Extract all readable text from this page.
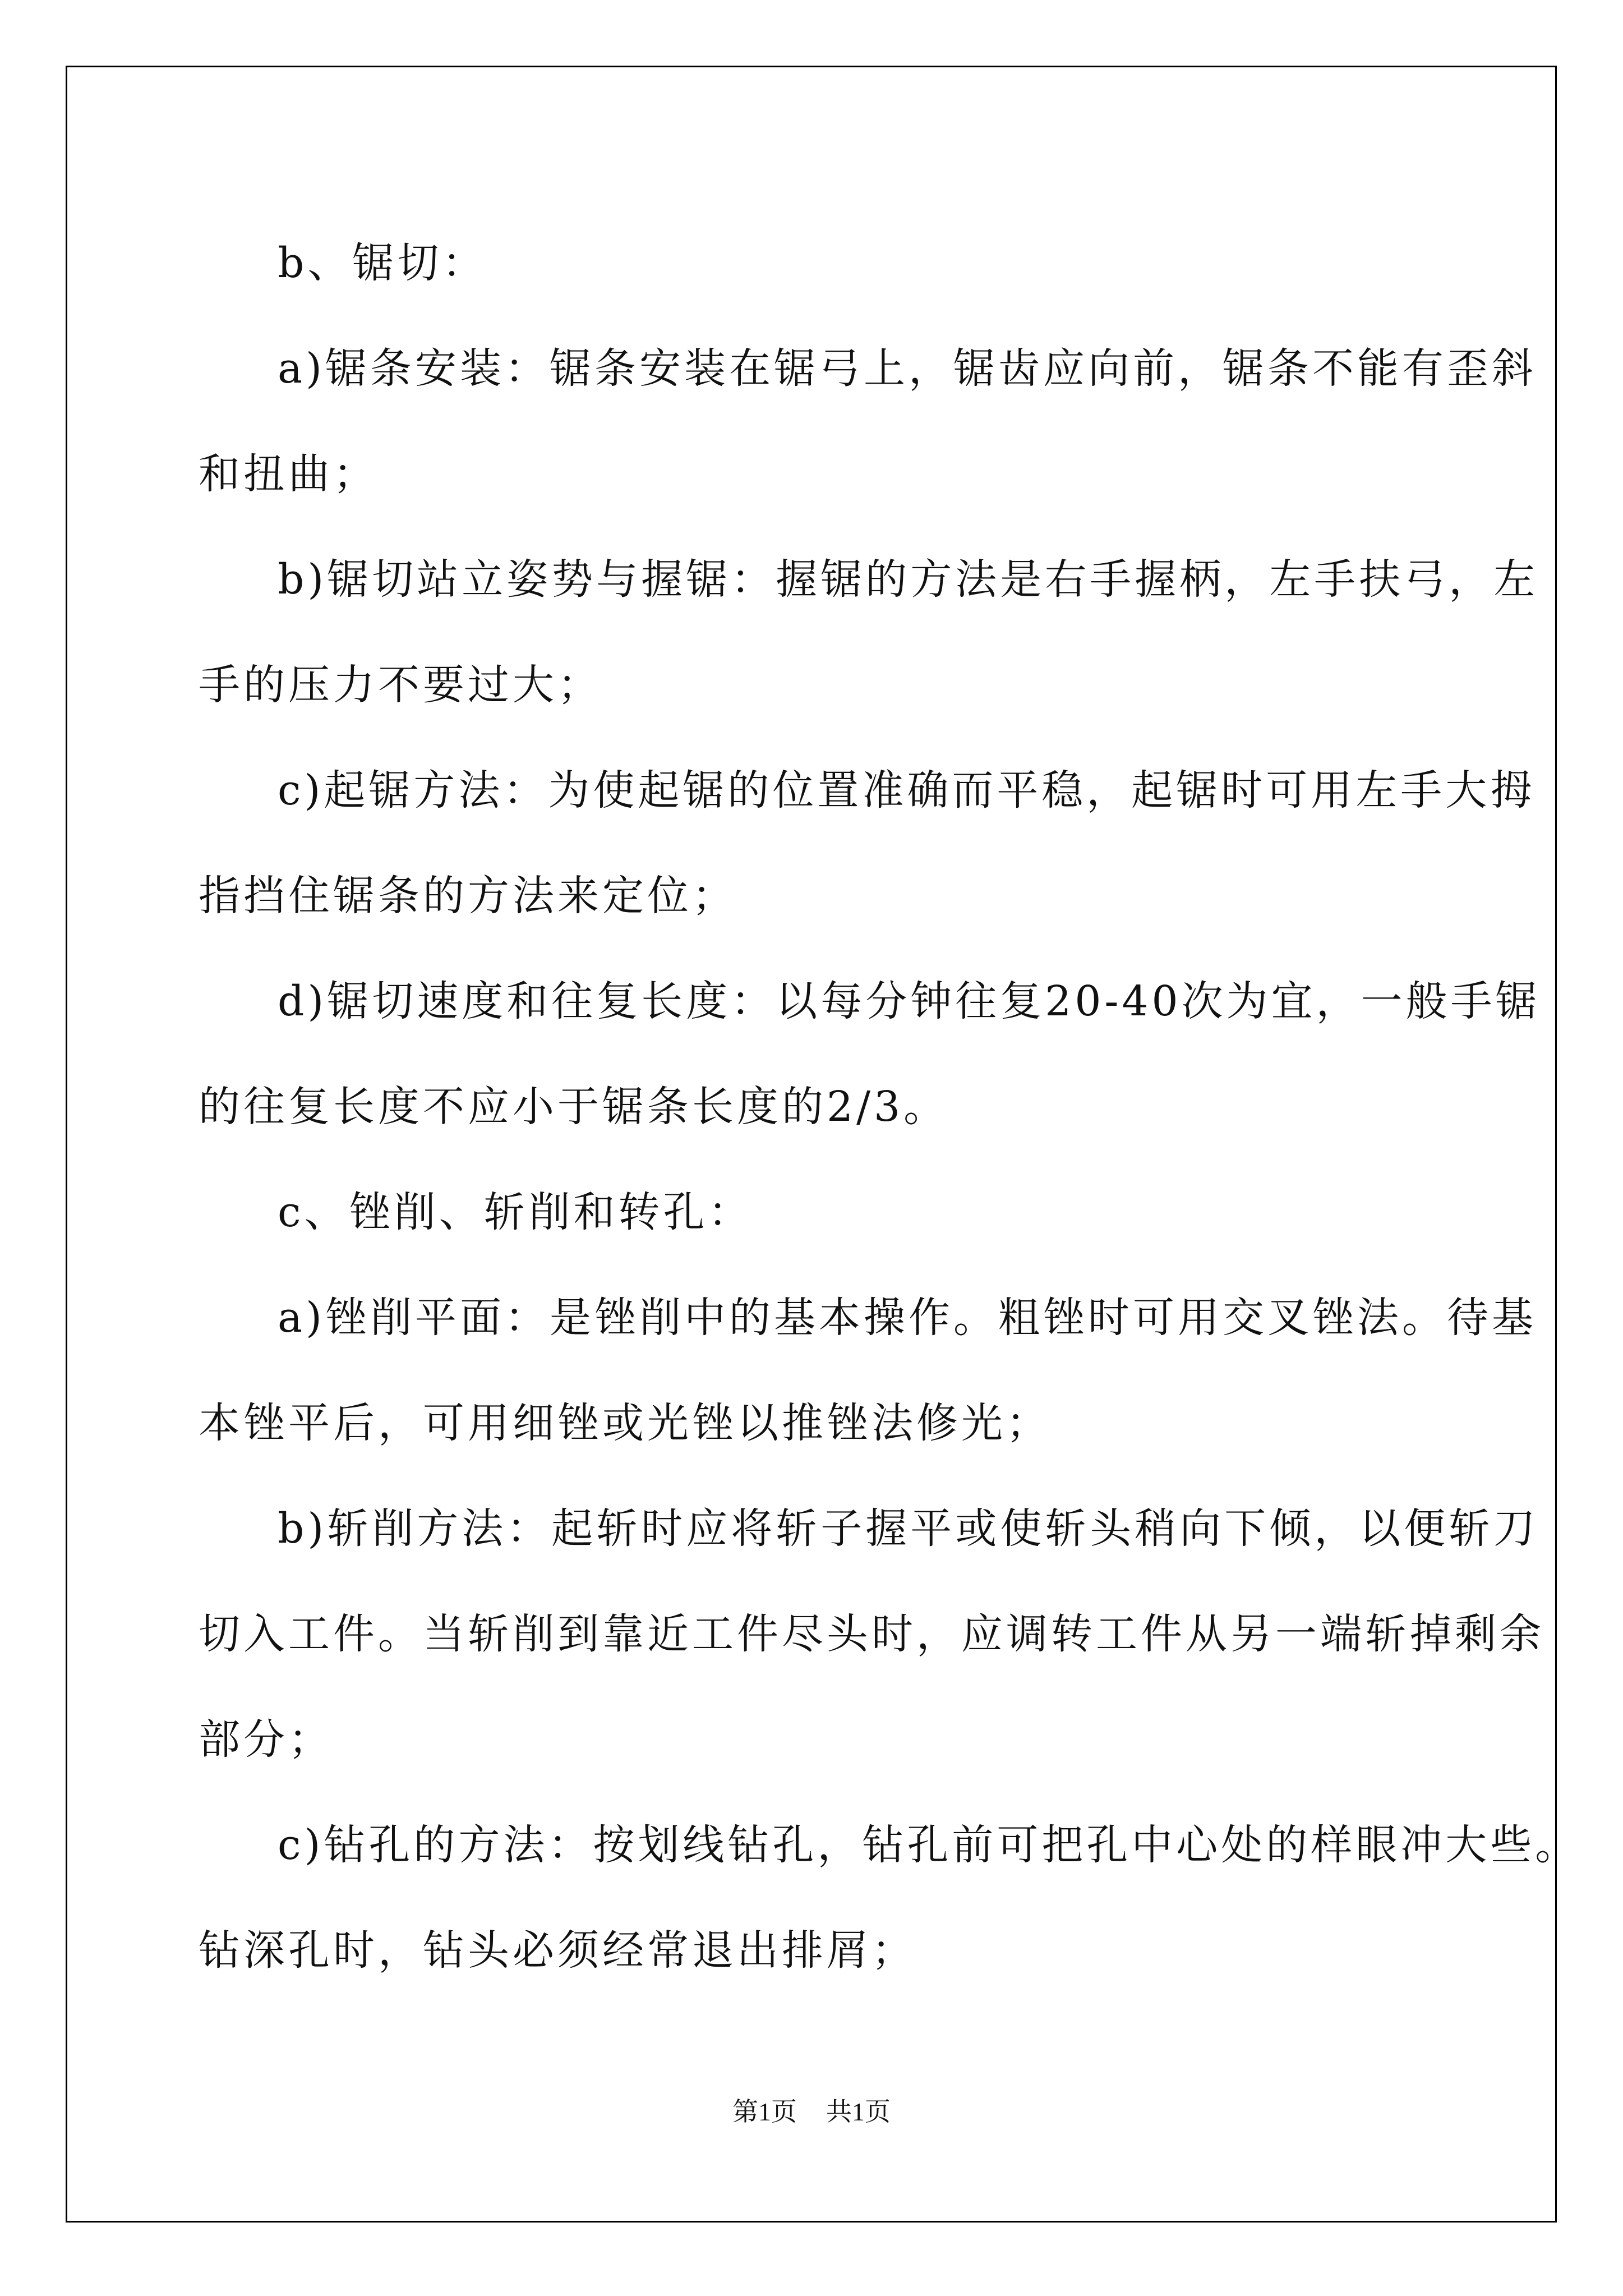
b、锯切：
a)锯条安装：锯条安装在锯弓上，锯齿应向前，锯条不能有歪斜
和扭曲；
b)锯切站立姿势与握锯：握锯的方法是右手握柄，左手扶弓，左
手的压力不要过大；
c)起锯方法：为使起锯的位置准确而平稳，起锯时可用左手大拇
指挡住锯条的方法来定位；
d)锯切速度和往复长度：以每分钟往复20-40次为宜，一般手锯
的往复长度不应小于锯条长度的2/3。
c、锉削、斩削和转孔：
a)锉削平面：是锉削中的基本操作。粗锉时可用交叉锉法。待基
本锉平后，可用细锉或光锉以推锉法修光；
b)斩削方法：起斩时应将斩子握平或使斩头稍向下倾，以便斩刀
切入工件。当斩削到靠近工件尽头时，应调转工件从另一端斩掉剩余
部分；
c)钻孔的方法：按划线钻孔，钻孔前可把孔中心处的样眼冲大些。
钻深孔时，钻头必须经常退出排屑；
第1页 共1页
